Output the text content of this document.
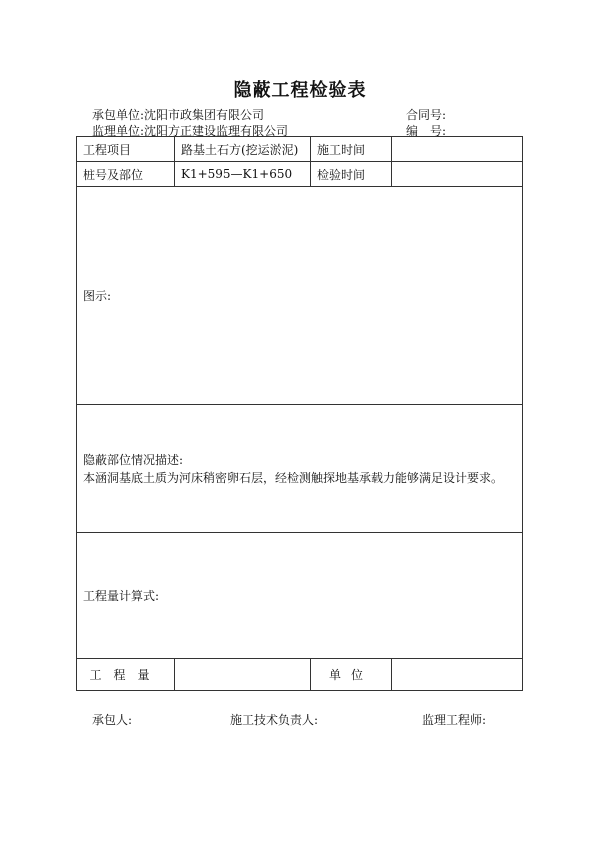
隐蔽工程检验表
承包单位:沈阳市政集团有限公司	合同号:
监理单位:沈阳方正建设监理有限公司	编　号:
工程项目	路基土石方(挖运淤泥)	施工时间	
桩号及部位	K1+595—K1+650	检验时间	
图示:			

隐蔽部位情况描述:
本涵洞基底土质为河床稍密卵石层，经检测触探地基承载力能够满足设计要求。			

工程量计算式:			
工程量		单位	
承包人:	施工技术负责人:	监理工程师:
